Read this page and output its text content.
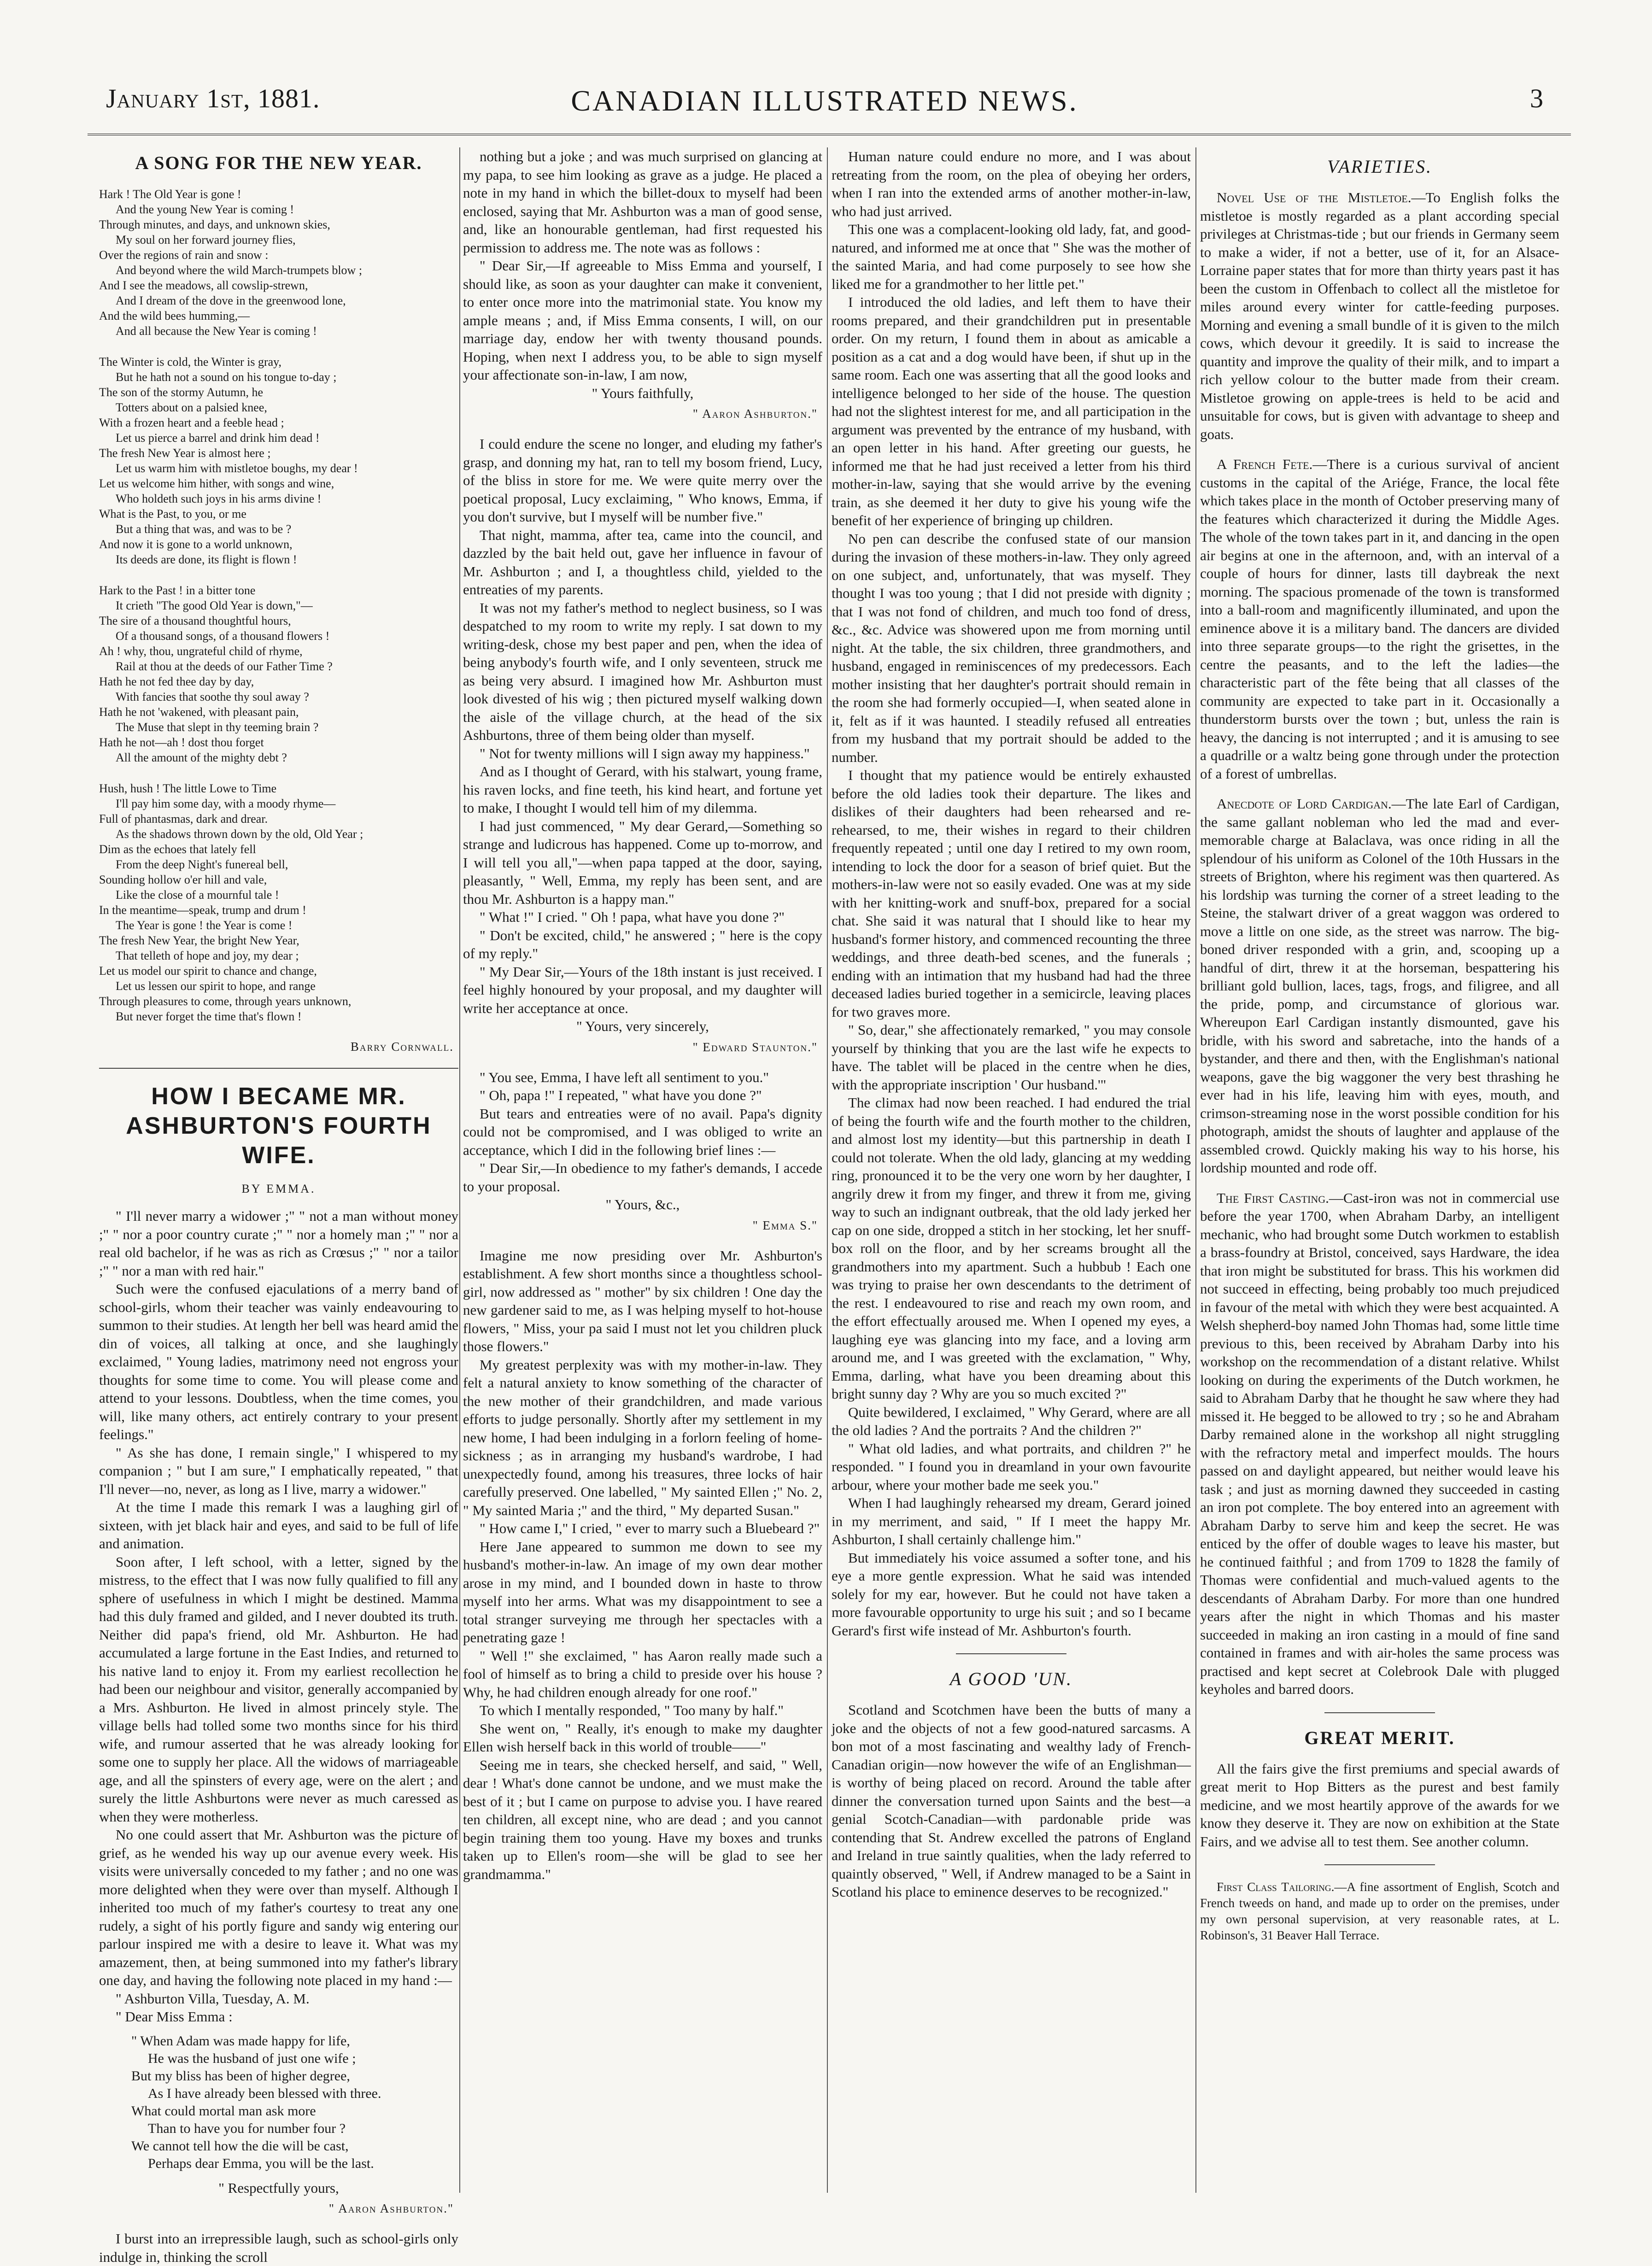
January 1st, 1881.	CANADIAN ILLUSTRATED NEWS.	3
A SONG FOR THE NEW YEAR.
Hark ! The Old Year is gone !
And the young New Year is coming !
Through minutes, and days, and unknown skies,
My soul on her forward journey flies,
Over the regions of rain and snow :
And beyond where the wild March-trumpets blow ;
And I see the meadows, all cowslip-strewn,
And I dream of the dove in the greenwood lone,
And the wild bees humming,—
And all because the New Year is coming !
The Winter is cold, the Winter is gray,
But he hath not a sound on his tongue to-day ;
The son of the stormy Autumn, he
Totters about on a palsied knee,
With a frozen heart and a feeble head ;
Let us pierce a barrel and drink him dead !
The fresh New Year is almost here ;
Let us warm him with mistletoe boughs, my dear !
Let us welcome him hither, with songs and wine,
Who holdeth such joys in his arms divine !
What is the Past, to you, or me
But a thing that was, and was to be ?
And now it is gone to a world unknown,
Its deeds are done, its flight is flown !
Hark to the Past ! in a bitter tone
It crieth "The good Old Year is down,"—
The sire of a thousand thoughtful hours,
Of a thousand songs, of a thousand flowers !
Ah ! why, thou, ungrateful child of rhyme,
Rail at thou at the deeds of our Father Time ?
Hath he not fed thee day by day,
With fancies that soothe thy soul away ?
Hath he not 'wakened, with pleasant pain,
The Muse that slept in thy teeming brain ?
Hath he not—ah ! dost thou forget
All the amount of the mighty debt ?
Hush, hush ! The little Lowe to Time
I'll pay him some day, with a moody rhyme—
Full of phantasmas, dark and drear.
As the shadows thrown down by the old, Old Year ;
Dim as the echoes that lately fell
From the deep Night's funereal bell,
Sounding hollow o'er hill and vale,
Like the close of a mournful tale !
In the meantime—speak, trump and drum !
The Year is gone ! the Year is come !
The fresh New Year, the bright New Year,
That telleth of hope and joy, my dear ;
Let us model our spirit to chance and change,
Let us lessen our spirit to hope, and range
Through pleasures to come, through years unknown,
But never forget the time that's flown !
Barry Cornwall.
HOW I BECAME MR. ASHBURTON'S FOURTH WIFE.
BY EMMA.

" I'll never marry a widower ;" " not a man without money ;" " nor a poor country curate ;" " nor a homely man ;" " nor a real old bachelor, if he was as rich as Crœsus ;" " nor a tailor ;" " nor a man with red hair."

Such were the confused ejaculations of a merry band of school-girls, whom their teacher was vainly endeavouring to summon to their studies. At length her bell was heard amid the din of voices, all talking at once, and she laughingly exclaimed, " Young ladies, matrimony need not engross your thoughts for some time to come. You will please come and attend to your lessons. Doubtless, when the time comes, you will, like many others, act entirely contrary to your present feelings."

" As she has done, I remain single," I whispered to my companion ; " but I am sure," I emphatically repeated, " that I'll never—no, never, as long as I live, marry a widower."

At the time I made this remark I was a laughing girl of sixteen, with jet black hair and eyes, and said to be full of life and animation.

Soon after, I left school, with a letter, signed by the mistress, to the effect that I was now fully qualified to fill any sphere of usefulness in which I might be destined. Mamma had this duly framed and gilded, and I never doubted its truth. Neither did papa's friend, old Mr. Ashburton. He had accumulated a large fortune in the East Indies, and returned to his native land to enjoy it. From my earliest recollection he had been our neighbour and visitor, generally accompanied by a Mrs. Ashburton. He lived in almost princely style. The village bells had tolled some two months since for his third wife, and rumour asserted that he was already looking for some one to supply her place. All the widows of marriageable age, and all the spinsters of every age, were on the alert ; and surely the little Ashburtons were never as much caressed as when they were motherless.

No one could assert that Mr. Ashburton was the picture of grief, as he wended his way up our avenue every week. His visits were universally conceded to my father ; and no one was more delighted when they were over than myself. Although I inherited too much of my father's courtesy to treat any one rudely, a sight of his portly figure and sandy wig entering our parlour inspired me with a desire to leave it. What was my amazement, then, at being summoned into my father's library one day, and having the following note placed in my hand :—

" Ashburton Villa, Tuesday, A. M.

" Dear Miss Emma :

" When Adam was made happy for life,
He was the husband of just one wife ;
But my bliss has been of higher degree,
As I have already been blessed with three.
What could mortal man ask more
Than to have you for number four ?
We cannot tell how the die will be cast,
Perhaps dear Emma, you will be the last.

" Respectfully yours,

" Aaron Ashburton."

I burst into an irrepressible laugh, such as school-girls only indulge in, thinking the scroll

nothing but a joke ; and was much surprised on glancing at my papa, to see him looking as grave as a judge. He placed a note in my hand in which the billet-doux to myself had been enclosed, saying that Mr. Ashburton was a man of good sense, and, like an honourable gentleman, had first requested his permission to address me. The note was as follows :

" Dear Sir,—If agreeable to Miss Emma and yourself, I should like, as soon as your daughter can make it convenient, to enter once more into the matrimonial state. You know my ample means ; and, if Miss Emma consents, I will, on our marriage day, endow her with twenty thousand pounds. Hoping, when next I address you, to be able to sign myself your affectionate son-in-law, I am now,

" Yours faithfully,

" Aaron Ashburton."

I could endure the scene no longer, and eluding my father's grasp, and donning my hat, ran to tell my bosom friend, Lucy, of the bliss in store for me. We were quite merry over the poetical proposal, Lucy exclaiming, " Who knows, Emma, if you don't survive, but I myself will be number five."

That night, mamma, after tea, came into the council, and dazzled by the bait held out, gave her influence in favour of Mr. Ashburton ; and I, a thoughtless child, yielded to the entreaties of my parents.

It was not my father's method to neglect business, so I was despatched to my room to write my reply. I sat down to my writing-desk, chose my best paper and pen, when the idea of being anybody's fourth wife, and I only seventeen, struck me as being very absurd. I imagined how Mr. Ashburton must look divested of his wig ; then pictured myself walking down the aisle of the village church, at the head of the six Ashburtons, three of them being older than myself.

" Not for twenty millions will I sign away my happiness."

And as I thought of Gerard, with his stalwart, young frame, his raven locks, and fine teeth, his kind heart, and fortune yet to make, I thought I would tell him of my dilemma.

I had just commenced, " My dear Gerard,—Something so strange and ludicrous has happened. Come up to-morrow, and I will tell you all,"—when papa tapped at the door, saying, pleasantly, " Well, Emma, my reply has been sent, and are thou Mr. Ashburton is a happy man."

" What !" I cried. " Oh ! papa, what have you done ?"

" Don't be excited, child," he answered ; " here is the copy of my reply."

" My Dear Sir,—Yours of the 18th instant is just received. I feel highly honoured by your proposal, and my daughter will write her acceptance at once.

" Yours, very sincerely,

" Edward Staunton."

" You see, Emma, I have left all sentiment to you."

" Oh, papa !" I repeated, " what have you done ?"

But tears and entreaties were of no avail. Papa's dignity could not be compromised, and I was obliged to write an acceptance, which I did in the following brief lines :—

" Dear Sir,—In obedience to my father's demands, I accede to your proposal.

" Yours, &c.,

" Emma S."

Imagine me now presiding over Mr. Ashburton's establishment. A few short months since a thoughtless school-girl, now addressed as " mother" by six children ! One day the new gardener said to me, as I was helping myself to hot-house flowers, " Miss, your pa said I must not let you children pluck those flowers."

My greatest perplexity was with my mother-in-law. They felt a natural anxiety to know something of the character of the new mother of their grandchildren, and made various efforts to judge personally. Shortly after my settlement in my new home, I had been indulging in a forlorn feeling of home-sickness ; as in arranging my husband's wardrobe, I had unexpectedly found, among his treasures, three locks of hair carefully preserved. One labelled, " My sainted Ellen ;" No. 2, " My sainted Maria ;" and the third, " My departed Susan."

" How came I," I cried, " ever to marry such a Bluebeard ?"

Here Jane appeared to summon me down to see my husband's mother-in-law. An image of my own dear mother arose in my mind, and I bounded down in haste to throw myself into her arms. What was my disappointment to see a total stranger surveying me through her spectacles with a penetrating gaze !

" Well !" she exclaimed, " has Aaron really made such a fool of himself as to bring a child to preside over his house ? Why, he had children enough already for one roof."

To which I mentally responded, " Too many by half."

She went on, " Really, it's enough to make my daughter Ellen wish herself back in this world of trouble——"

Seeing me in tears, she checked herself, and said, " Well, dear ! What's done cannot be undone, and we must make the best of it ; but I came on purpose to advise you. I have reared ten children, all except nine, who are dead ; and you cannot begin training them too young. Have my boxes and trunks taken up to Ellen's room—she will be glad to see her grandmamma."

Human nature could endure no more, and I was about retreating from the room, on the plea of obeying her orders, when I ran into the extended arms of another mother-in-law, who had just arrived.

This one was a complacent-looking old lady, fat, and good-natured, and informed me at once that " She was the mother of the sainted Maria, and had come purposely to see how she liked me for a grandmother to her little pet."

I introduced the old ladies, and left them to have their rooms prepared, and their grandchildren put in presentable order. On my return, I found them in about as amicable a position as a cat and a dog would have been, if shut up in the same room. Each one was asserting that all the good looks and intelligence belonged to her side of the house. The question had not the slightest interest for me, and all participation in the argument was prevented by the entrance of my husband, with an open letter in his hand. After greeting our guests, he informed me that he had just received a letter from his third mother-in-law, saying that she would arrive by the evening train, as she deemed it her duty to give his young wife the benefit of her experience of bringing up children.

No pen can describe the confused state of our mansion during the invasion of these mothers-in-law. They only agreed on one subject, and, unfortunately, that was myself. They thought I was too young ; that I did not preside with dignity ; that I was not fond of children, and much too fond of dress, &c., &c. Advice was showered upon me from morning until night. At the table, the six children, three grandmothers, and husband, engaged in reminiscences of my predecessors. Each mother insisting that her daughter's portrait should remain in the room she had formerly occupied—I, when seated alone in it, felt as if it was haunted. I steadily refused all entreaties from my husband that my portrait should be added to the number.

I thought that my patience would be entirely exhausted before the old ladies took their departure. The likes and dislikes of their daughters had been rehearsed and re-rehearsed, to me, their wishes in regard to their children frequently repeated ; until one day I retired to my own room, intending to lock the door for a season of brief quiet. But the mothers-in-law were not so easily evaded. One was at my side with her knitting-work and snuff-box, prepared for a social chat. She said it was natural that I should like to hear my husband's former history, and commenced recounting the three weddings, and three death-bed scenes, and the funerals ; ending with an intimation that my husband had had the three deceased ladies buried together in a semicircle, leaving places for two graves more.

" So, dear," she affectionately remarked, " you may console yourself by thinking that you are the last wife he expects to have. The tablet will be placed in the centre when he dies, with the appropriate inscription ' Our husband.'"

The climax had now been reached. I had endured the trial of being the fourth wife and the fourth mother to the children, and almost lost my identity—but this partnership in death I could not tolerate. When the old lady, glancing at my wedding ring, pronounced it to be the very one worn by her daughter, I angrily drew it from my finger, and threw it from me, giving way to such an indignant outbreak, that the old lady jerked her cap on one side, dropped a stitch in her stocking, let her snuff-box roll on the floor, and by her screams brought all the grandmothers into my apartment. Such a hubbub ! Each one was trying to praise her own descendants to the detriment of the rest. I endeavoured to rise and reach my own room, and the effort effectually aroused me. When I opened my eyes, a laughing eye was glancing into my face, and a loving arm around me, and I was greeted with the exclamation, " Why, Emma, darling, what have you been dreaming about this bright sunny day ? Why are you so much excited ?"

Quite bewildered, I exclaimed, " Why Gerard, where are all the old ladies ? And the portraits ? And the children ?"

" What old ladies, and what portraits, and children ?" he responded. " I found you in dreamland in your own favourite arbour, where your mother bade me seek you."

When I had laughingly rehearsed my dream, Gerard joined in my merriment, and said, " If I meet the happy Mr. Ashburton, I shall certainly challenge him."

But immediately his voice assumed a softer tone, and his eye a more gentle expression. What he said was intended solely for my ear, however. But he could not have taken a more favourable opportunity to urge his suit ; and so I became Gerard's first wife instead of Mr. Ashburton's fourth.

A GOOD 'UN.

Scotland and Scotchmen have been the butts of many a joke and the objects of not a few good-natured sarcasms. A bon mot of a most fascinating and wealthy lady of French-Canadian origin—now however the wife of an Englishman—is worthy of being placed on record. Around the table after dinner the conversation turned upon Saints and the best—a genial Scotch-Canadian—with pardonable pride was contending that St. Andrew excelled the patrons of England and Ireland in true saintly qualities, when the lady referred to quaintly observed, " Well, if Andrew managed to be a Saint in Scotland his place to eminence deserves to be recognized."

VARIETIES.

Novel Use of the Mistletoe.—To English folks the mistletoe is mostly regarded as a plant according special privileges at Christmas-tide ; but our friends in Germany seem to make a wider, if not a better, use of it, for an Alsace-Lorraine paper states that for more than thirty years past it has been the custom in Offenbach to collect all the mistletoe for miles around every winter for cattle-feeding purposes. Morning and evening a small bundle of it is given to the milch cows, which devour it greedily. It is said to increase the quantity and improve the quality of their milk, and to impart a rich yellow colour to the butter made from their cream. Mistletoe growing on apple-trees is held to be acid and unsuitable for cows, but is given with advantage to sheep and goats.

A French Fete.—There is a curious survival of ancient customs in the capital of the Ariége, France, the local fête which takes place in the month of October preserving many of the features which characterized it during the Middle Ages. The whole of the town takes part in it, and dancing in the open air begins at one in the afternoon, and, with an interval of a couple of hours for dinner, lasts till daybreak the next morning. The spacious promenade of the town is transformed into a ball-room and magnificently illuminated, and upon the eminence above it is a military band. The dancers are divided into three separate groups—to the right the grisettes, in the centre the peasants, and to the left the ladies—the characteristic part of the fête being that all classes of the community are expected to take part in it. Occasionally a thunderstorm bursts over the town ; but, unless the rain is heavy, the dancing is not interrupted ; and it is amusing to see a quadrille or a waltz being gone through under the protection of a forest of umbrellas.

Anecdote of Lord Cardigan.—The late Earl of Cardigan, the same gallant nobleman who led the mad and ever-memorable charge at Balaclava, was once riding in all the splendour of his uniform as Colonel of the 10th Hussars in the streets of Brighton, where his regiment was then quartered. As his lordship was turning the corner of a street leading to the Steine, the stalwart driver of a great waggon was ordered to move a little on one side, as the street was narrow. The big-boned driver responded with a grin, and, scooping up a handful of dirt, threw it at the horseman, bespattering his brilliant gold bullion, laces, tags, frogs, and filigree, and all the pride, pomp, and circumstance of glorious war. Whereupon Earl Cardigan instantly dismounted, gave his bridle, with his sword and sabretache, into the hands of a bystander, and there and then, with the Englishman's national weapons, gave the big waggoner the very best thrashing he ever had in his life, leaving him with eyes, mouth, and crimson-streaming nose in the worst possible condition for his photograph, amidst the shouts of laughter and applause of the assembled crowd. Quickly making his way to his horse, his lordship mounted and rode off.

The First Casting.—Cast-iron was not in commercial use before the year 1700, when Abraham Darby, an intelligent mechanic, who had brought some Dutch workmen to establish a brass-foundry at Bristol, conceived, says Hardware, the idea that iron might be substituted for brass. This his workmen did not succeed in effecting, being probably too much prejudiced in favour of the metal with which they were best acquainted. A Welsh shepherd-boy named John Thomas had, some little time previous to this, been received by Abraham Darby into his workshop on the recommendation of a distant relative. Whilst looking on during the experiments of the Dutch workmen, he said to Abraham Darby that he thought he saw where they had missed it. He begged to be allowed to try ; so he and Abraham Darby remained alone in the workshop all night struggling with the refractory metal and imperfect moulds. The hours passed on and daylight appeared, but neither would leave his task ; and just as morning dawned they succeeded in casting an iron pot complete. The boy entered into an agreement with Abraham Darby to serve him and keep the secret. He was enticed by the offer of double wages to leave his master, but he continued faithful ; and from 1709 to 1828 the family of Thomas were confidential and much-valued agents to the descendants of Abraham Darby. For more than one hundred years after the night in which Thomas and his master succeeded in making an iron casting in a mould of fine sand contained in frames and with air-holes the same process was practised and kept secret at Colebrook Dale with plugged keyholes and barred doors.

GREAT MERIT.

All the fairs give the first premiums and special awards of great merit to Hop Bitters as the purest and best family medicine, and we most heartily approve of the awards for we know they deserve it. They are now on exhibition at the State Fairs, and we advise all to test them. See another column.

First Class Tailoring.—A fine assortment of English, Scotch and French tweeds on hand, and made up to order on the premises, under my own personal supervision, at very reasonable rates, at L. Robinson's, 31 Beaver Hall Terrace.
